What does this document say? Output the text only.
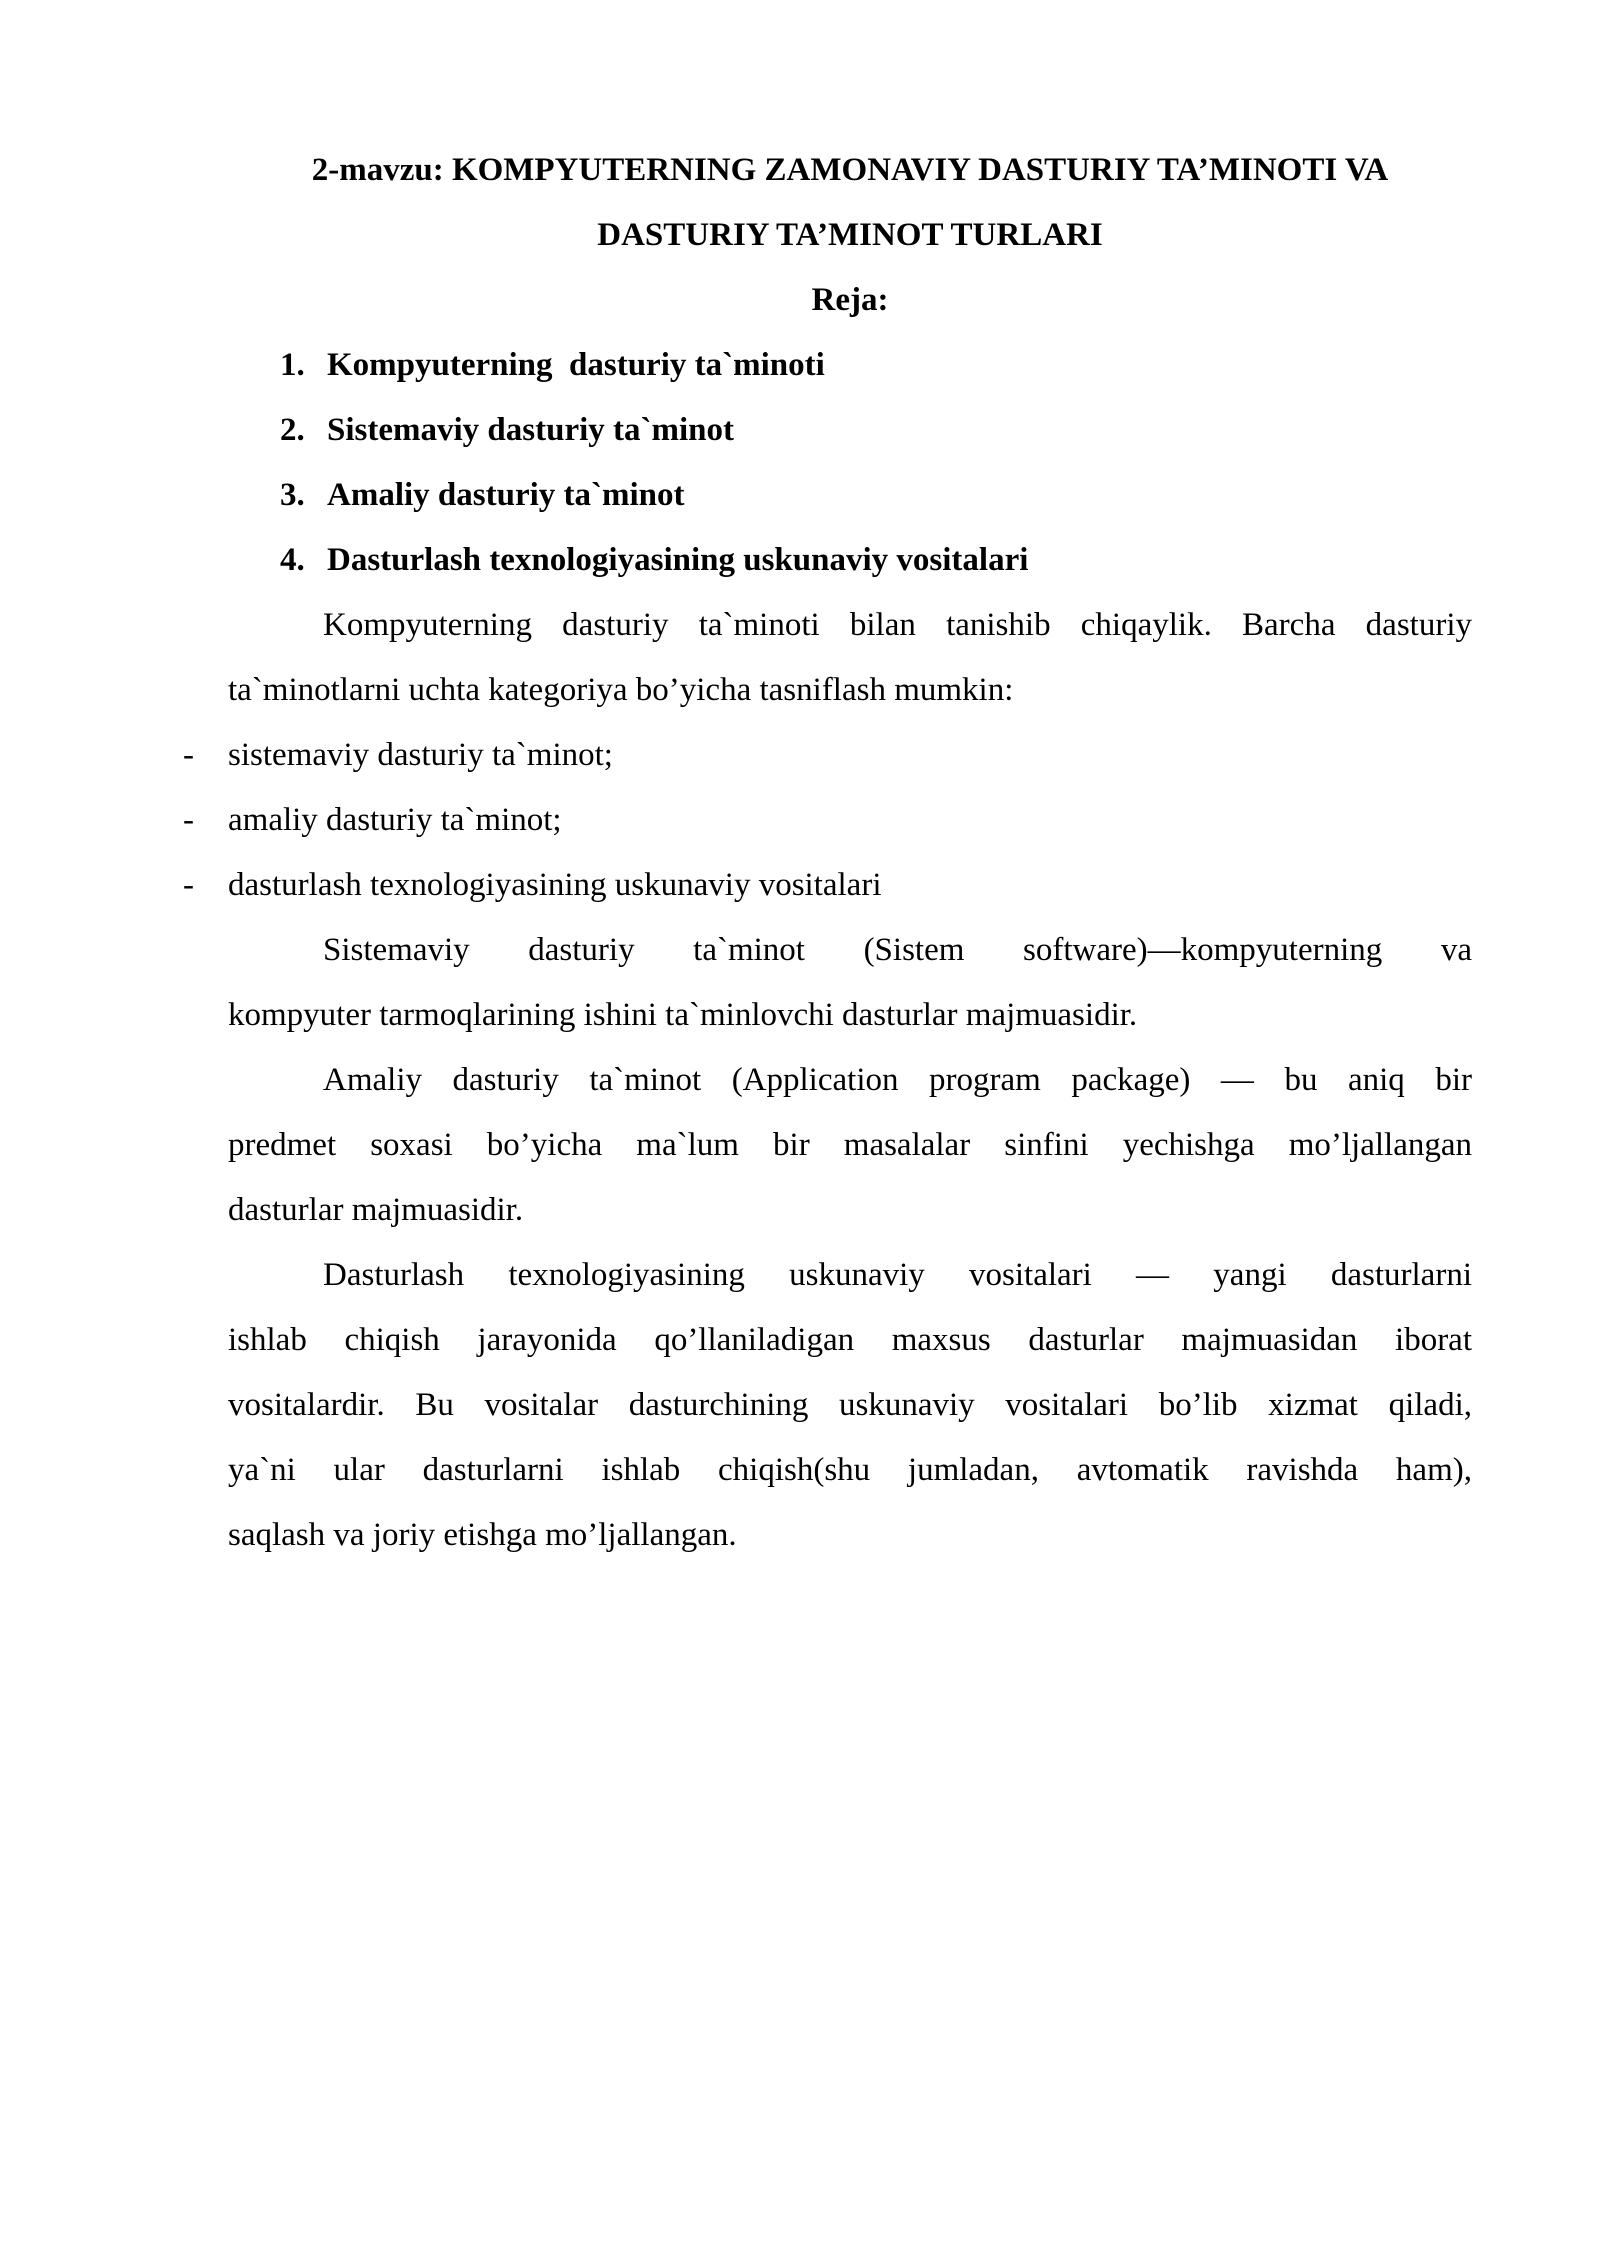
2-mavzu: KOMPYUTERNING ZAMONAVIY DASTURIY TA’MINOTI VA
DASTURIY TA’MINOT TURLARI
Reja:
1. Kompyuterning  dasturiy ta`minoti
2. Sistemaviy dasturiy ta`minot
3. Amaliy dasturiy ta`minot
4. Dasturlash texnologiyasining uskunaviy vositalari
Kompyuterning dasturiy ta`minoti bilan tanishib chiqaylik. Barcha dasturiy
ta`minotlarni uchta kategoriya bo’yicha tasniflash mumkin:
- sistemaviy dasturiy ta`minot;
- amaliy dasturiy ta`minot;
- dasturlash texnologiyasining uskunaviy vositalari
Sistemaviy dasturiy ta`minot (Sistem software)—kompyuterning va
kompyuter tarmoqlarining ishini ta`minlovchi dasturlar majmuasidir.
Amaliy dasturiy ta`minot (Application program package) — bu aniq bir
predmet soxasi bo’yicha ma`lum bir masalalar sinfini yechishga mo’ljallangan
dasturlar majmuasidir.
Dasturlash texnologiyasining uskunaviy vositalari — yangi dasturlarni
ishlab chiqish jarayonida qo’llaniladigan maxsus dasturlar majmuasidan iborat
vositalardir. Bu vositalar dasturchining uskunaviy vositalari bo’lib xizmat qiladi,
ya`ni ular dasturlarni ishlab chiqish(shu jumladan, avtomatik ravishda ham),
saqlash va joriy etishga mo’ljallangan.
